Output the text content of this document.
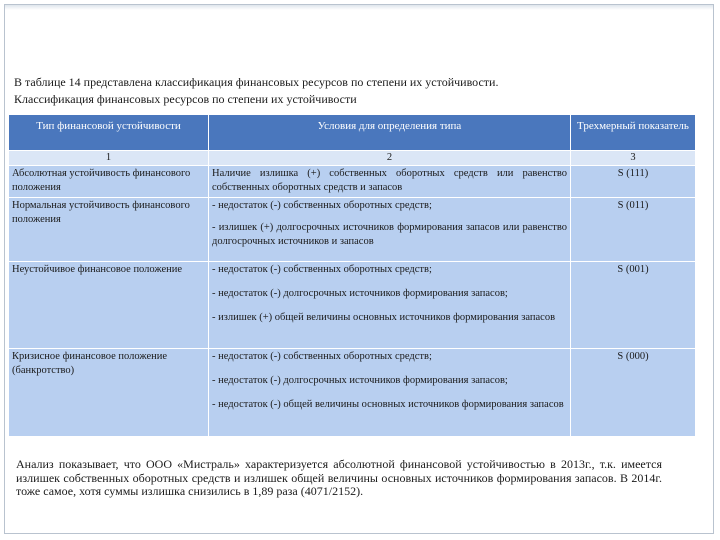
В таблице 14 представлена классификация финансовых ресурсов по степени их устойчивости.

Классификация финансовых ресурсов по степени их устойчивости

Тип финансовой устойчивости	Условия для определения типа	Трехмерный показатель
1	2	3
Абсолютная устойчивость финансового положения	Наличие излишка (+) собственных оборотных средств или равенство собственных оборотных средств и запасов	S (111)
Нормальная устойчивость финансового положения	- недостаток (-) собственных оборотных средств;

- излишек (+) долгосрочных источников формирования запасов или равенство долгосрочных источников и запасов	S (011)
Неустойчивое финансовое положение	- недостаток (-) собственных оборотных средств;

- недостаток (-) долгосрочных источников формирования запасов;

- излишек (+) общей величины основных источников формирования запасов	S (001)
Кризисное финансовое положение (банкротство)	- недостаток (-) собственных оборотных средств;

- недостаток (-) долгосрочных источников формирования запасов;

- недостаток (-) общей величины основных источников формирования запасов	S (000)

Анализ показывает, что ООО «Мистраль» характеризуется абсолютной финансовой устойчивостью в 2013г., т.к. имеется излишек собственных оборотных средств и излишек общей величины основных источников формирования запасов. В 2014г. тоже самое, хотя суммы излишка снизились в 1,89 раза (4071/2152).
